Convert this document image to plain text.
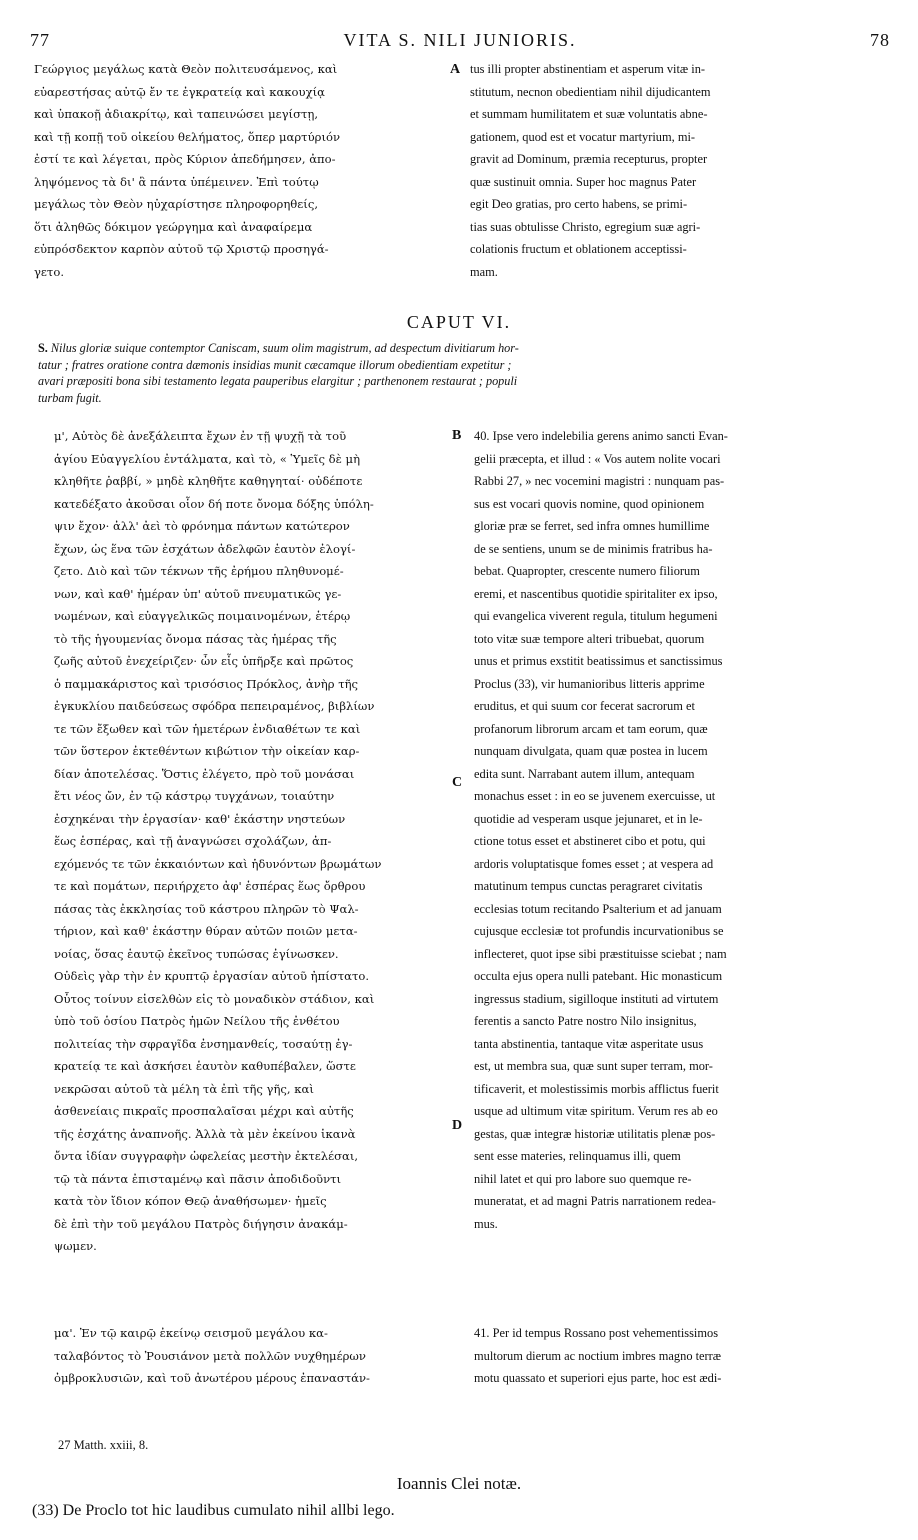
77	VITA S. NILI JUNIORIS.	78
Γεώργιος μεγάλως κατὰ Θεὸν πολιτευσάμενος, καὶ
εὐαρεστήσας αὐτῷ ἔν τε ἐγκρατείᾳ καὶ κακουχίᾳ
καὶ ὑπακοῇ ἀδιακρίτῳ, καὶ ταπεινώσει μεγίστῃ,
καὶ τῇ κοπῇ τοῦ οἰκείου θελήματος, ὅπερ μαρτύριόν
ἐστί τε καὶ λέγεται, πρὸς Κύριον ἀπεδήμησεν, ἀπο-
ληψόμενος τὰ δι' ἃ πάντα ὑπέμεινεν. Ἐπὶ τούτῳ
μεγάλως τὸν Θεὸν ηὐχαρίστησε πληροφορηθείς,
ὅτι ἀληθῶς δόκιμον γεώργημα καὶ ἀναφαίρεμα
εὐπρόσδεκτον καρπὸν αὐτοῦ τῷ Χριστῷ προσηγά-
γετο.
A tus illi propter abstinentiam et asperum vitæ in-
stitutum, necnon obedientiam nihil dijudicantem
et summam humilitatem et suæ voluntatis abne-
gationem, quod est et vocatur martyrium, mi-
gravit ad Dominum, præmia recepturus, propter
quæ sustinuit omnia. Super hoc magnus Pater
egit Deo gratias, pro certo habens, se primi-
tias suas obtulisse Christo, egregium suæ agri-
colationis fructum et oblationem acceptissi-
mam.
CAPUT VI.
S. Nilus gloriæ suique contemptor Caniscam, suum olim magistrum, ad despectum divitiarum hor-
tatur ; fratres oratione contra dæmonis insidias munit cæcamque illorum obedientiam expetitur ;
avari præpositi bona sibi testamento legata pauperibus elargitur ; parthenonem restaurat ; populi
turbam fugit.
B
C
D
μ', Αὐτὸς δὲ ἀνεξάλειπτα ἔχων ἐν τῇ ψυχῇ τὰ τοῦ
ἁγίου Εὐαγγελίου ἐντάλματα, καὶ τὸ, « Ὑμεῖς δὲ μὴ
κληθῆτε ῥαββί, » μηδὲ κληθῆτε καθηγηταί· οὐδέποτε
κατεδέξατο ἀκοῦσαι οἷον δή ποτε ὄνομα δόξης ὑπόλη-
ψιν ἔχον· ἀλλ' ἀεὶ τὸ φρόνημα πάντων κατώτερον
ἔχων, ὡς ἕνα τῶν ἐσχάτων ἀδελφῶν ἑαυτὸν ἐλογί-
ζετο. Διὸ καὶ τῶν τέκνων τῆς ἐρήμου πληθυνομέ-
νων, καὶ καθ' ἡμέραν ὑπ' αὐτοῦ πνευματικῶς γε-
νωμένων, καὶ εὐαγγελικῶς ποιμαινομένων, ἑτέρῳ
τὸ τῆς ἡγουμενίας ὄνομα πάσας τὰς ἡμέρας τῆς
ζωῆς αὐτοῦ ἐνεχείριζεν· ὧν εἷς ὑπῆρξε καὶ πρῶτος
ὁ παμμακάριστος καὶ τρισόσιος Πρόκλος, ἀνὴρ τῆς
ἐγκυκλίου παιδεύσεως σφόδρα πεπειραμένος, βιβλίων
τε τῶν ἔξωθεν καὶ τῶν ἡμετέρων ἐνδιαθέτων τε καὶ
τῶν ὕστερον ἐκτεθέντων κιβώτιον τὴν οἰκείαν καρ-
δίαν ἀποτελέσας. Ὅστις ἐλέγετο, πρὸ τοῦ μονάσαι
ἔτι νέος ὤν, ἐν τῷ κάστρῳ τυγχάνων, τοιαύτην
ἐσχηκέναι τὴν ἐργασίαν· καθ' ἑκάστην νηστεύων
ἕως ἑσπέρας, καὶ τῇ ἀναγνώσει σχολάζων, ἀπ-
εχόμενός τε τῶν ἐκκαιόντων καὶ ἡδυνόντων βρωμάτων
τε καὶ πομάτων, περιήρχετο ἀφ' ἑσπέρας ἕως ὄρθρου
πάσας τὰς ἐκκλησίας τοῦ κάστρου πληρῶν τὸ Ψαλ-
τήριον, καὶ καθ' ἑκάστην θύραν αὐτῶν ποιῶν μετα-
νοίας, ὅσας ἑαυτῷ ἐκεῖνος τυπώσας ἐγίνωσκεν.
Οὐδεὶς γὰρ τὴν ἐν κρυπτῷ ἐργασίαν αὐτοῦ ἠπίστατο.
Οὗτος τοίνυν εἰσελθὼν εἰς τὸ μοναδικὸν στάδιον, καὶ
ὑπὸ τοῦ ὁσίου Πατρὸς ἡμῶν Νείλου τῆς ἐνθέτου
πολιτείας τὴν σφραγῖδα ἐνσημανθείς, τοσαύτῃ ἐγ-
κρατείᾳ τε καὶ ἀσκήσει ἑαυτὸν καθυπέβαλεν, ὥστε
νεκρῶσαι αὐτοῦ τὰ μέλη τὰ ἐπὶ τῆς γῆς, καὶ
ἀσθενείαις πικραῖς προσπαλαῖσαι μέχρι καὶ αὐτῆς
τῆς ἐσχάτης ἀναπνοῆς. Ἀλλὰ τὰ μὲν ἐκείνου ἱκανὰ
ὄντα ἰδίαν συγγραφὴν ὠφελείας μεστὴν ἐκτελέσαι,
τῷ τὰ πάντα ἐπισταμένῳ καὶ πᾶσιν ἀποδιδοῦντι
κατὰ τὸν ἴδιον κόπον Θεῷ ἀναθήσωμεν· ἡμεῖς
δὲ ἐπὶ τὴν τοῦ μεγάλου Πατρὸς διήγησιν ἀνακάμ-
ψωμεν.
40. Ipse vero indelebilia gerens animo sancti Evan-
gelii præcepta, et illud : « Vos autem nolite vocari
Rabbi 27, » nec vocemini magistri : nunquam pas-
sus est vocari quovis nomine, quod opinionem
gloriæ præ se ferret, sed infra omnes humillime
de se sentiens, unum se de minimis fratribus ha-
bebat. Quapropter, crescente numero filiorum
eremi, et nascentibus quotidie spiritaliter ex ipso,
qui evangelica viverent regula, titulum hegumeni
toto vitæ suæ tempore alteri tribuebat, quorum
unus et primus exstitit beatissimus et sanctissimus
Proclus (33), vir humanioribus litteris apprime
eruditus, et qui suum cor fecerat sacrorum et
profanorum librorum arcam et tam eorum, quæ
nunquam divulgata, quam quæ postea in lucem
edita sunt. Narrabant autem illum, antequam
monachus esset : in eo se juvenem exercuisse, ut
quotidie ad vesperam usque jejunaret, et in le-
ctione totus esset et abstineret cibo et potu, qui
ardoris voluptatisque fomes esset ; at vespera ad
matutinum tempus cunctas peragraret civitatis
ecclesias totum recitando Psalterium et ad januam
cujusque ecclesiæ tot profundis incurvationibus se
inflecteret, quot ipse sibi præstituisse sciebat ; nam
occulta ejus opera nulli patebant. Hic monasticum
ingressus stadium, sigilloque instituti ad virtutem
ferentis a sancto Patre nostro Nilo insignitus,
tanta abstinentia, tantaque vitæ asperitate usus
est, ut membra sua, quæ sunt super terram, mor-
tificaverit, et molestissimis morbis afflictus fuerit
usque ad ultimum vitæ spiritum. Verum res ab eo
gestas, quæ integræ historiæ utilitatis plenæ pos-
sent esse materies, relinquamus illi, quem
nihil latet et qui pro labore suo quemque re-
muneratat, et ad magni Patris narrationem redea-
mus.
μα'. Ἐν τῷ καιρῷ ἐκείνῳ σεισμοῦ μεγάλου κα-
ταλαβόντος τὸ Ῥουσιάνον μετὰ πολλῶν νυχθημέρων
ὀμβροκλυσιῶν, καὶ τοῦ ἀνωτέρου μέρους ἐπαναστάν-
41. Per id tempus Rossano post vehementissimos
multorum dierum ac noctium imbres magno terræ
motu quassato et superiori ejus parte, hoc est ædi-
27 Matth. xxiii, 8.
Ioannis Clei notæ.
(33) De Proclo tot hic laudibus cumulato nihil allbi lego.
